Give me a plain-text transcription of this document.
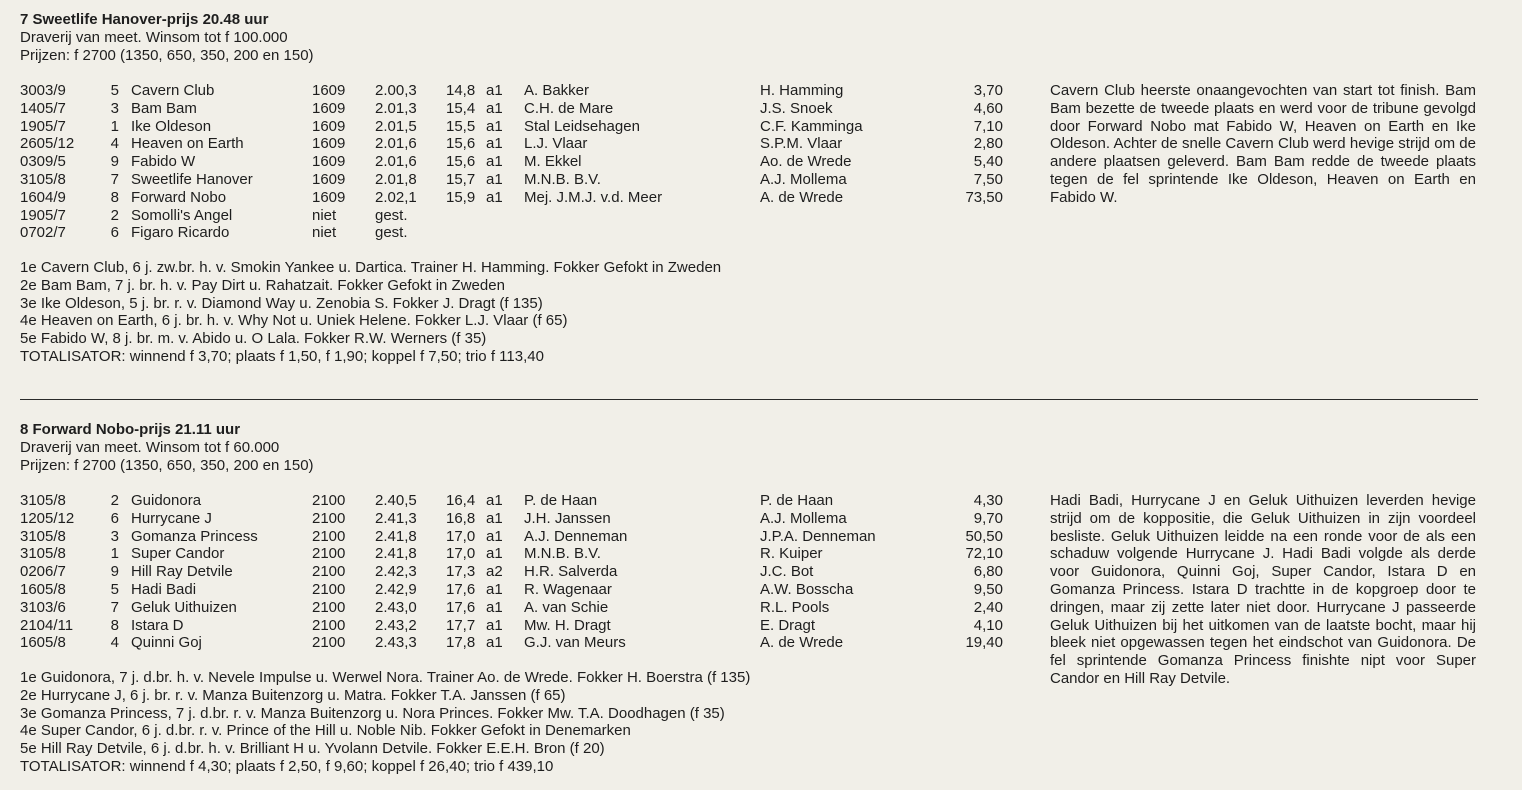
7 Sweetlife Hanover-prijs 20.48 uur
Draverij van meet. Winsom tot f 100.000
Prijzen: f 2700 (1350, 650, 350, 200 en 150)
3003/9	5 Cavern Club	1609 2.00,3 14,8 a1 A. Bakker	H. Hamming	3,70
1405/7	3 Bam Bam	1609 2.01,3 15,4 a1 C.H. de Mare	J.S. Snoek	4,60
1905/7	1 Ike Oldeson	1609 2.01,5 15,5 a1 Stal Leidsehagen	C.F. Kamminga	7,10
2605/12	4 Heaven on Earth	1609 2.01,6 15,6 a1 L.J. Vlaar	S.P.M. Vlaar	2,80
0309/5	9 Fabido W	1609 2.01,6 15,6 a1 M. Ekkel	Ao. de Wrede	5,40
3105/8	7 Sweetlife Hanover	1609 2.01,8 15,7 a1 M.N.B. B.V.	A.J. Mollema	7,50
1604/9	8 Forward Nobo	1609 2.02,1 15,9 a1 Mej. J.M.J. v.d. Meer	A. de Wrede	73,50
1905/7	2 Somolli's Angel	niet	gest.
0702/7	6 Figaro Ricardo	niet	gest.
Cavern Club heerste onaangevochten van start tot finish. Bam Bam bezette de tweede plaats en werd voor de tribune gevolgd door Forward Nobo mat Fabido W, Heaven on Earth en Ike Oldeson. Achter de snelle Cavern Club werd hevige strijd om de andere plaatsen geleverd. Bam Bam redde de tweede plaats tegen de fel sprintende Ike Oldeson, Heaven on Earth en Fabido W.
1e Cavern Club, 6 j. zw.br. h. v. Smokin Yankee u. Dartica. Trainer H. Hamming. Fokker Gefokt in Zweden
2e Bam Bam, 7 j. br. h. v. Pay Dirt u. Rahatzait. Fokker Gefokt in Zweden
3e Ike Oldeson, 5 j. br. r. v. Diamond Way u. Zenobia S. Fokker J. Dragt (f 135)
4e Heaven on Earth, 6 j. br. h. v. Why Not u. Uniek Helene. Fokker L.J. Vlaar (f 65)
5e Fabido W, 8 j. br. m. v. Abido u. O Lala. Fokker R.W. Werners (f 35)
TOTALISATOR: winnend f 3,70; plaats f 1,50, f 1,90; koppel f 7,50; trio f 113,40
8 Forward Nobo-prijs 21.11 uur
Draverij van meet. Winsom tot f 60.000
Prijzen: f 2700 (1350, 650, 350, 200 en 150)
3105/8	2 Guidonora	2100 2.40,5 16,4 a1 P. de Haan	P. de Haan	4,30
1205/12	6 Hurrycane J	2100 2.41,3 16,8 a1 J.H. Janssen	A.J. Mollema	9,70
3105/8	3 Gomanza Princess	2100 2.41,8 17,0 a1 A.J. Denneman	J.P.A. Denneman	50,50
3105/8	1 Super Candor	2100 2.41,8 17,0 a1 M.N.B. B.V.	R. Kuiper	72,10
0206/7	9 Hill Ray Detvile	2100 2.42,3 17,3 a2 H.R. Salverda	J.C. Bot	6,80
1605/8	5 Hadi Badi	2100 2.42,9 17,6 a1 R. Wagenaar	A.W. Bosscha	9,50
3103/6	7 Geluk Uithuizen	2100 2.43,0 17,6 a1 A. van Schie	R.L. Pools	2,40
2104/11	8 Istara D	2100 2.43,2 17,7 a1 Mw. H. Dragt	E. Dragt	4,10
1605/8	4 Quinni Goj	2100 2.43,3 17,8 a1 G.J. van Meurs	A. de Wrede	19,40
Hadi Badi, Hurrycane J en Geluk Uithuizen leverden hevige strijd om de koppositie, die Geluk Uithuizen in zijn voordeel besliste. Geluk Uithuizen leidde na een ronde voor de als een schaduw volgende Hurrycane J. Hadi Badi volgde als derde voor Guidonora, Quinni Goj, Super Candor, Istara D en Gomanza Princess. Istara D trachtte in de kopgroep door te dringen, maar zij zette later niet door. Hurrycane J passeerde Geluk Uithuizen bij het uitkomen van de laatste bocht, maar hij bleek niet opgewassen tegen het eindschot van Guidonora. De fel sprintende Gomanza Princess finishte nipt voor Super Candor en Hill Ray Detvile.
1e Guidonora, 7 j. d.br. h. v. Nevele Impulse u. Werwel Nora. Trainer Ao. de Wrede. Fokker H. Boerstra (f 135)
2e Hurrycane J, 6 j. br. r. v. Manza Buitenzorg u. Matra. Fokker T.A. Janssen (f 65)
3e Gomanza Princess, 7 j. d.br. r. v. Manza Buitenzorg u. Nora Princes. Fokker Mw. T.A. Doodhagen (f 35)
4e Super Candor, 6 j. d.br. r. v. Prince of the Hill u. Noble Nib. Fokker Gefokt in Denemarken
5e Hill Ray Detvile, 6 j. d.br. h. v. Brilliant H u. Yvolann Detvile. Fokker E.E.H. Bron (f 20)
TOTALISATOR: winnend f 4,30; plaats f 2,50, f 9,60; koppel f 26,40; trio f 439,10
